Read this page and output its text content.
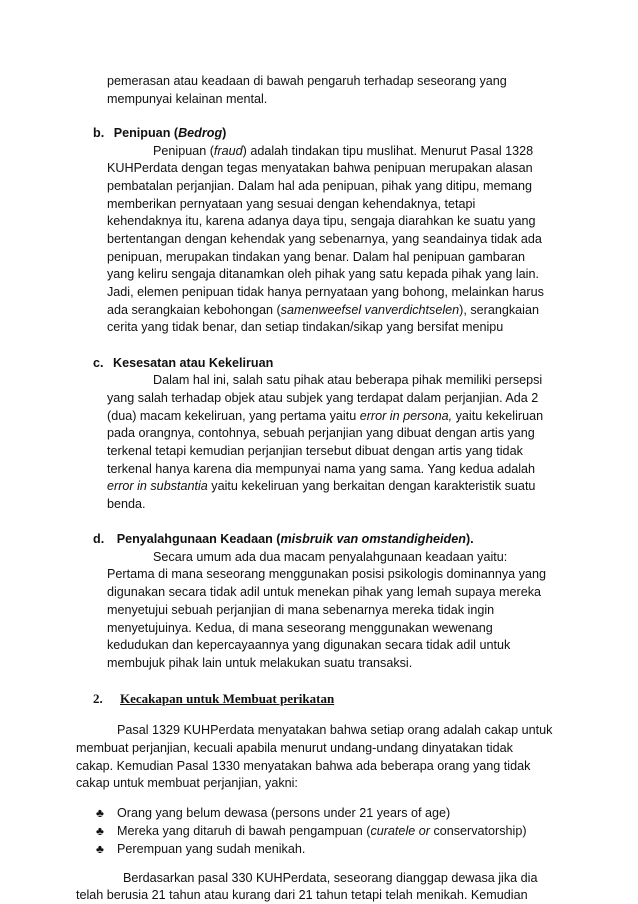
pemerasan atau keadaan di bawah pengaruh terhadap seseorang yang
mempunyai kelainan mental.
b. Penipuan (Bedrog)
Penipuan (fraud) adalah tindakan tipu muslihat. Menurut Pasal 1328
KUHPerdata dengan tegas menyatakan bahwa penipuan merupakan alasan
pembatalan perjanjian. Dalam hal ada penipuan, pihak yang ditipu, memang
memberikan pernyataan yang sesuai dengan kehendaknya, tetapi
kehendaknya itu, karena adanya daya tipu, sengaja diarahkan ke suatu yang
bertentangan dengan kehendak yang sebenarnya, yang seandainya tidak ada
penipuan, merupakan tindakan yang benar. Dalam hal penipuan gambaran
yang keliru sengaja ditanamkan oleh pihak yang satu kepada pihak yang lain.
Jadi, elemen penipuan tidak hanya pernyataan yang bohong, melainkan harus
ada serangkaian kebohongan (samenweefsel vanverdichtselen), serangkaian
cerita yang tidak benar, dan setiap tindakan/sikap yang bersifat menipu
c. Kesesatan atau Kekeliruan
Dalam hal ini, salah satu pihak atau beberapa pihak memiliki persepsi
yang salah terhadap objek atau subjek yang terdapat dalam perjanjian. Ada 2
(dua) macam kekeliruan, yang pertama yaitu error in persona, yaitu kekeliruan
pada orangnya, contohnya, sebuah perjanjian yang dibuat dengan artis yang
terkenal tetapi kemudian perjanjian tersebut dibuat dengan artis yang tidak
terkenal hanya karena dia mempunyai nama yang sama. Yang kedua adalah
error in substantia yaitu kekeliruan yang berkaitan dengan karakteristik suatu
benda.
d. Penyalahgunaan Keadaan (misbruik van omstandigheiden).
Secara umum ada dua macam penyalahgunaan keadaan yaitu:
Pertama di mana seseorang menggunakan posisi psikologis dominannya yang
digunakan secara tidak adil untuk menekan pihak yang lemah supaya mereka
menyetujui sebuah perjanjian di mana sebenarnya mereka tidak ingin
menyetujuinya. Kedua, di mana seseorang menggunakan wewenang
kedudukan dan kepercayaannya yang digunakan secara tidak adil untuk
membujuk pihak lain untuk melakukan suatu transaksi.
2. Kecakapan untuk Membuat perikatan
Pasal 1329 KUHPerdata menyatakan bahwa setiap orang adalah cakap untuk
membuat perjanjian, kecuali apabila menurut undang-undang dinyatakan tidak
cakap. Kemudian Pasal 1330 menyatakan bahwa ada beberapa orang yang tidak
cakap untuk membuat perjanjian, yakni:
♣ Orang yang belum dewasa (persons under 21 years of age)
♣ Mereka yang ditaruh di bawah pengampuan (curatele or conservatorship)
♣ Perempuan yang sudah menikah.
Berdasarkan pasal 330 KUHPerdata, seseorang dianggap dewasa jika dia
telah berusia 21 tahun atau kurang dari 21 tahun tetapi telah menikah. Kemudian
